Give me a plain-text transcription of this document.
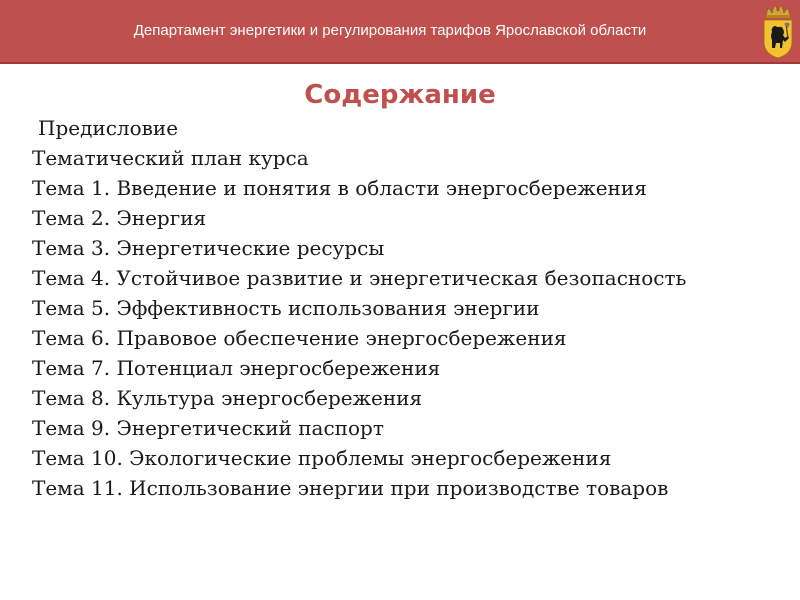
Департамент энергетики и регулирования тарифов Ярославской области
Содержание
Предисловие
Тематический план курса
Тема 1. Введение и понятия в области энергосбережения
Тема 2. Энергия
Тема 3. Энергетические ресурсы
Тема 4. Устойчивое развитие и энергетическая безопасность
Тема 5. Эффективность использования энергии
Тема 6. Правовое обеспечение энергосбережения
Тема 7. Потенциал энергосбережения
Тема 8. Культура энергосбережения
Тема 9. Энергетический паспорт
Тема 10. Экологические проблемы энергосбережения
Тема 11. Использование энергии при производстве товаров
